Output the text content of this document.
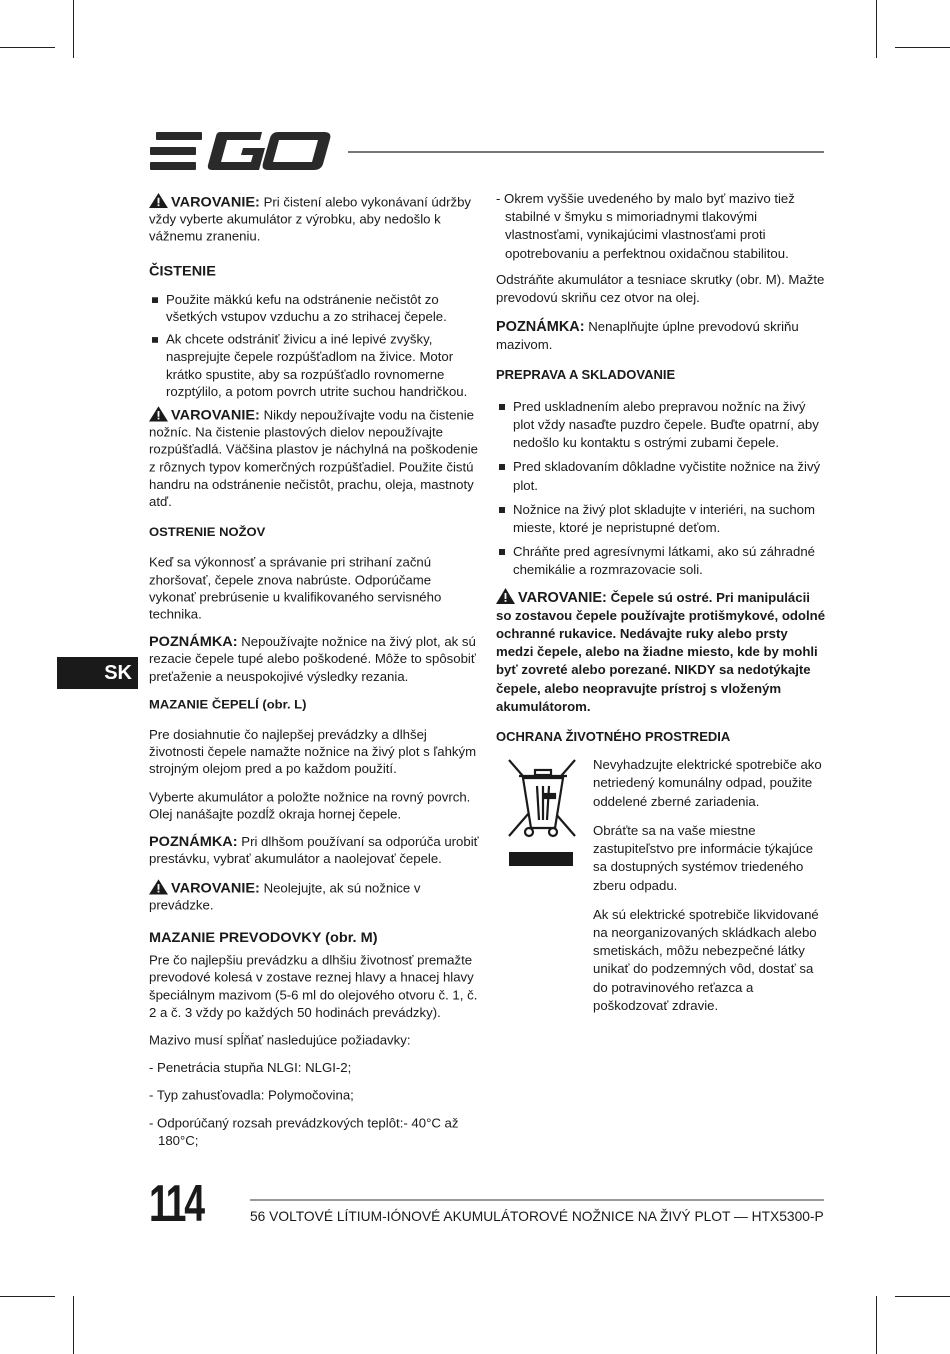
SK

VAROVANIE: Pri čistení alebo vykonávaní údržby vždy vyberte akumulátor z výrobku, aby nedošlo k vážnemu zraneniu.

ČISTENIE
Použite mäkkú kefu na odstránenie nečistôt zo všetkých vstupov vzduchu a zo strihacej čepele.
Ak chcete odstrániť živicu a iné lepivé zvyšky, nasprejujte čepele rozpúšťadlom na živice. Motor krátko spustite, aby sa rozpúšťadlo rovnomerne rozptýlilo, a potom povrch utrite suchou handričkou.

VAROVANIE: Nikdy nepoužívajte vodu na čistenie nožníc. Na čistenie plastových dielov nepoužívajte rozpúšťadlá. Väčšina plastov je náchylná na poškodenie z rôznych typov komerčných rozpúšťadiel. Použite čistú handru na odstránenie nečistôt, prachu, oleja, mastnoty atď.

OSTRENIE NOŽOV

Keď sa výkonnosť a správanie pri strihaní začnú zhoršovať, čepele znova nabrúste. Odporúčame vykonať prebrúsenie u kvalifikovaného servisného technika.

POZNÁMKA: Nepoužívajte nožnice na živý plot, ak sú rezacie čepele tupé alebo poškodené. Môže to spôsobiť preťaženie a neuspokojivé výsledky rezania.

MAZANIE ČEPELÍ (obr. L)

Pre dosiahnutie čo najlepšej prevádzky a dlhšej životnosti čepele namažte nožnice na živý plot s ľahkým strojným olejom pred a po každom použití.

Vyberte akumulátor a položte nožnice na rovný povrch. Olej nanášajte pozdĺž okraja hornej čepele.

POZNÁMKA: Pri dlhšom používaní sa odporúča urobiť prestávku, vybrať akumulátor a naolejovať čepele.

VAROVANIE: Neolejujte, ak sú nožnice v prevádzke.

MAZANIE PREVODOVKY (obr. M)

Pre čo najlepšiu prevádzku a dlhšiu životnosť premažte prevodové kolesá v zostave reznej hlavy a hnacej hlavy špeciálnym mazivom (5-6 ml do olejového otvoru č. 1, č. 2 a č. 3 vždy po každých 50 hodinách prevádzky).

Mazivo musí spĺňať nasledujúce požiadavky:

- Penetrácia stupňa NLGI: NLGI-2;

- Typ zahusťovadla: Polymočovina;

- Odporúčaný rozsah prevádzkových teplôt:- 40°C až 180°C;

- Okrem vyššie uvedeného by malo byť mazivo tiež stabilné v šmyku s mimoriadnymi tlakovými vlastnosťami, vynikajúcimi vlastnosťami proti opotrebovaniu a perfektnou oxidačnou stabilitou.

Odstráňte akumulátor a tesniace skrutky (obr. M). Mažte prevodovú skriňu cez otvor na olej.

POZNÁMKA: Nenaplňujte úplne prevodovú skriňu mazivom.

PREPRAVA A SKLADOVANIE
Pred uskladnením alebo prepravou nožníc na živý plot vždy nasaďte puzdro čepele. Buďte opatrní, aby nedošlo ku kontaktu s ostrými zubami čepele.
Pred skladovaním dôkladne vyčistite nožnice na živý plot.
Nožnice na živý plot skladujte v interiéri, na suchom mieste, ktoré je nepristupné deťom.
Chráňte pred agresívnymi látkami, ako sú záhradné chemikálie a rozmrazovacie soli.

VAROVANIE: Čepele sú ostré. Pri manipulácii so zostavou čepele používajte protišmykové, odolné ochranné rukavice. Nedávajte ruky alebo prsty medzi čepele, alebo na žiadne miesto, kde by mohli byť zovreté alebo porezané. NIKDY sa nedotýkajte čepele, alebo neopravujte prístroj s vloženým akumulátorom.

OCHRANA ŽIVOTNÉHO PROSTREDIA

Nevyhadzujte elektrické spotrebiče ako netriedený komunálny odpad, použite oddelené zberné zariadenia.

Obráťte sa na vaše miestne zastupiteľstvo pre informácie týkajúce sa dostupných systémov triedeného zberu odpadu.

Ak sú elektrické spotrebiče likvidované na neorganizovaných skládkach alebo smetiskách, môžu nebezpečné látky unikať do podzemných vôd, dostať sa do potravinového reťazca a poškodzovať zdravie.

114	56 VOLTOVÉ LÍTIUM-IÓNOVÉ AKUMULÁTOROVÉ NOŽNICE NA ŽIVÝ PLOT — HTX5300-P
